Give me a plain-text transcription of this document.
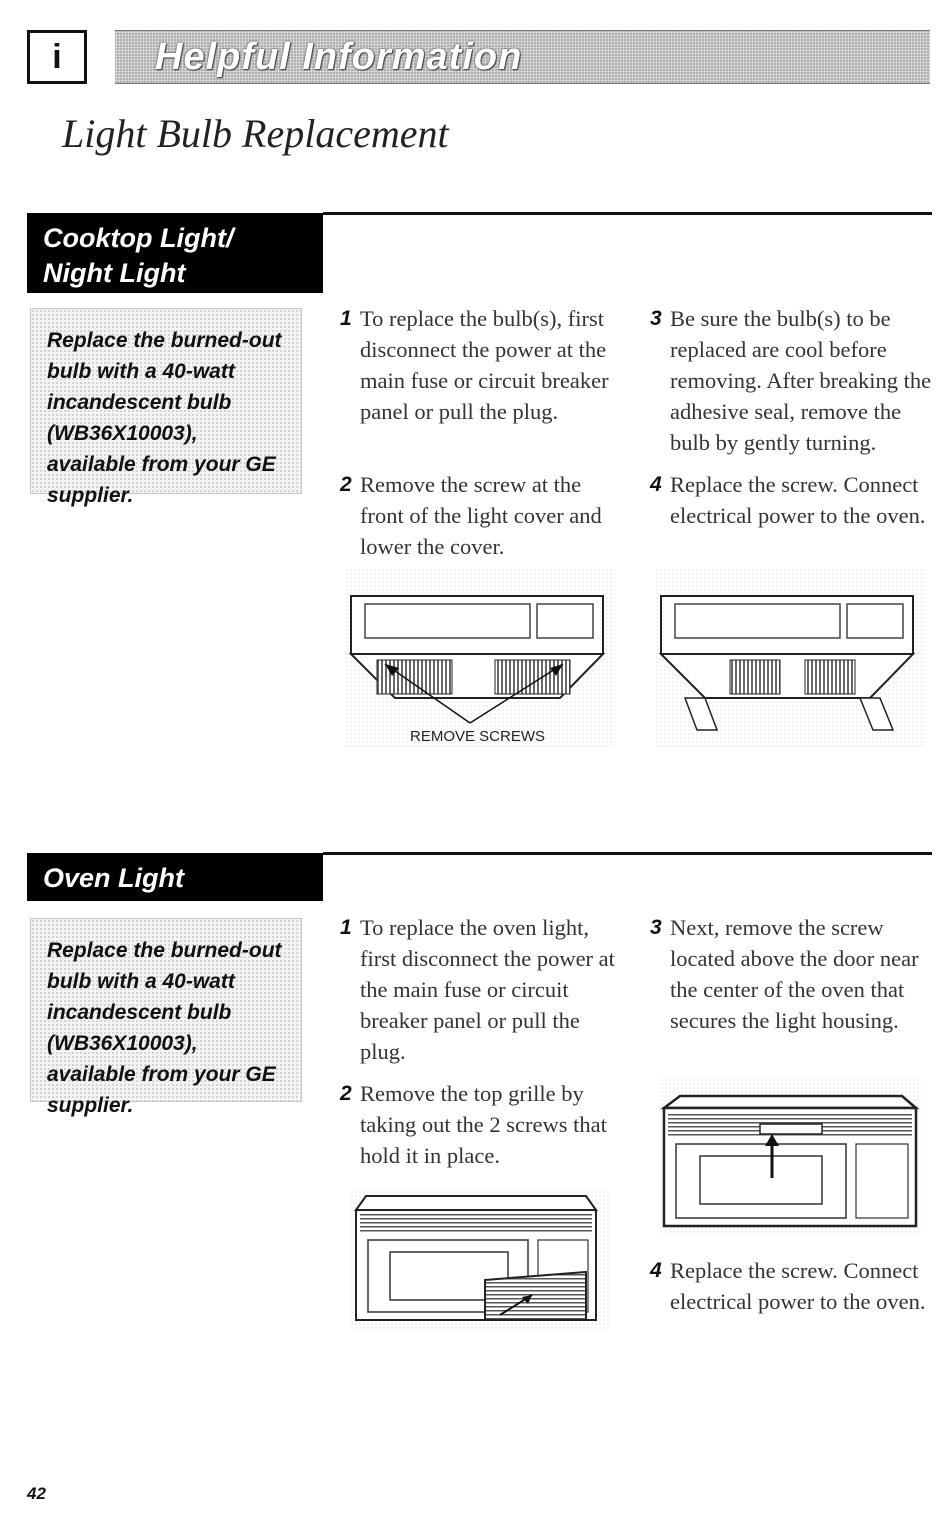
i Helpful Information
Light Bulb Replacement
Cooktop Light/
Night Light
Replace the burned-out bulb with a 40-watt incandescent bulb (WB36X10003), available from your GE supplier.
1 To replace the bulb(s), first disconnect the power at the main fuse or circuit breaker panel or pull the plug.
2 Remove the screw at the front of the light cover and lower the cover.
3 Be sure the bulb(s) to be replaced are cool before removing. After breaking the adhesive seal, remove the bulb by gently turning.
4 Replace the screw. Connect electrical power to the oven.
REMOVE SCREWS
Oven Light
Replace the burned-out bulb with a 40-watt incandescent bulb (WB36X10003), available from your GE supplier.
1 To replace the oven light, first disconnect the power at the main fuse or circuit breaker panel or pull the plug.
2 Remove the top grille by taking out the 2 screws that hold it in place.
3 Next, remove the screw located above the door near the center of the oven that secures the light housing.
4 Replace the screw. Connect electrical power to the oven.
42
